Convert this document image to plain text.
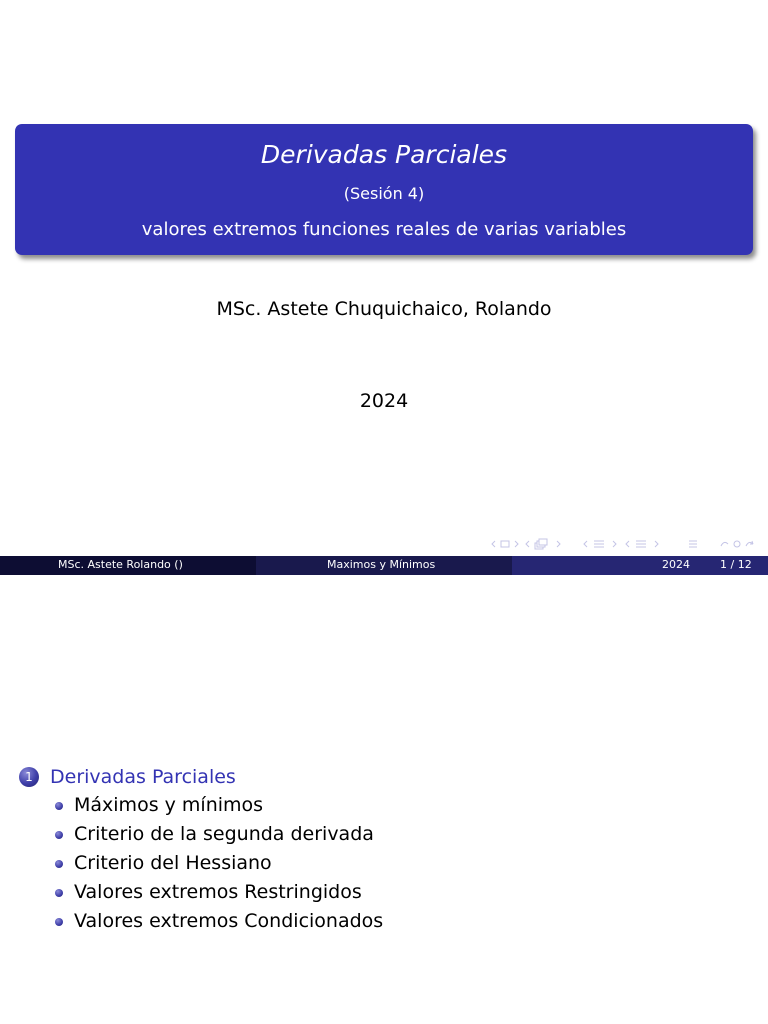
Derivadas Parciales
(Sesión 4)
valores extremos funciones reales de varias variables
MSc. Astete Chuquichaico, Rolando
2024
MSc. Astete Rolando ()	Maximos y Mínimos	2024	1 / 12
1 Derivadas Parciales
Máximos y mínimos
Criterio de la segunda derivada
Criterio del Hessiano
Valores extremos Restringidos
Valores extremos Condicionados
